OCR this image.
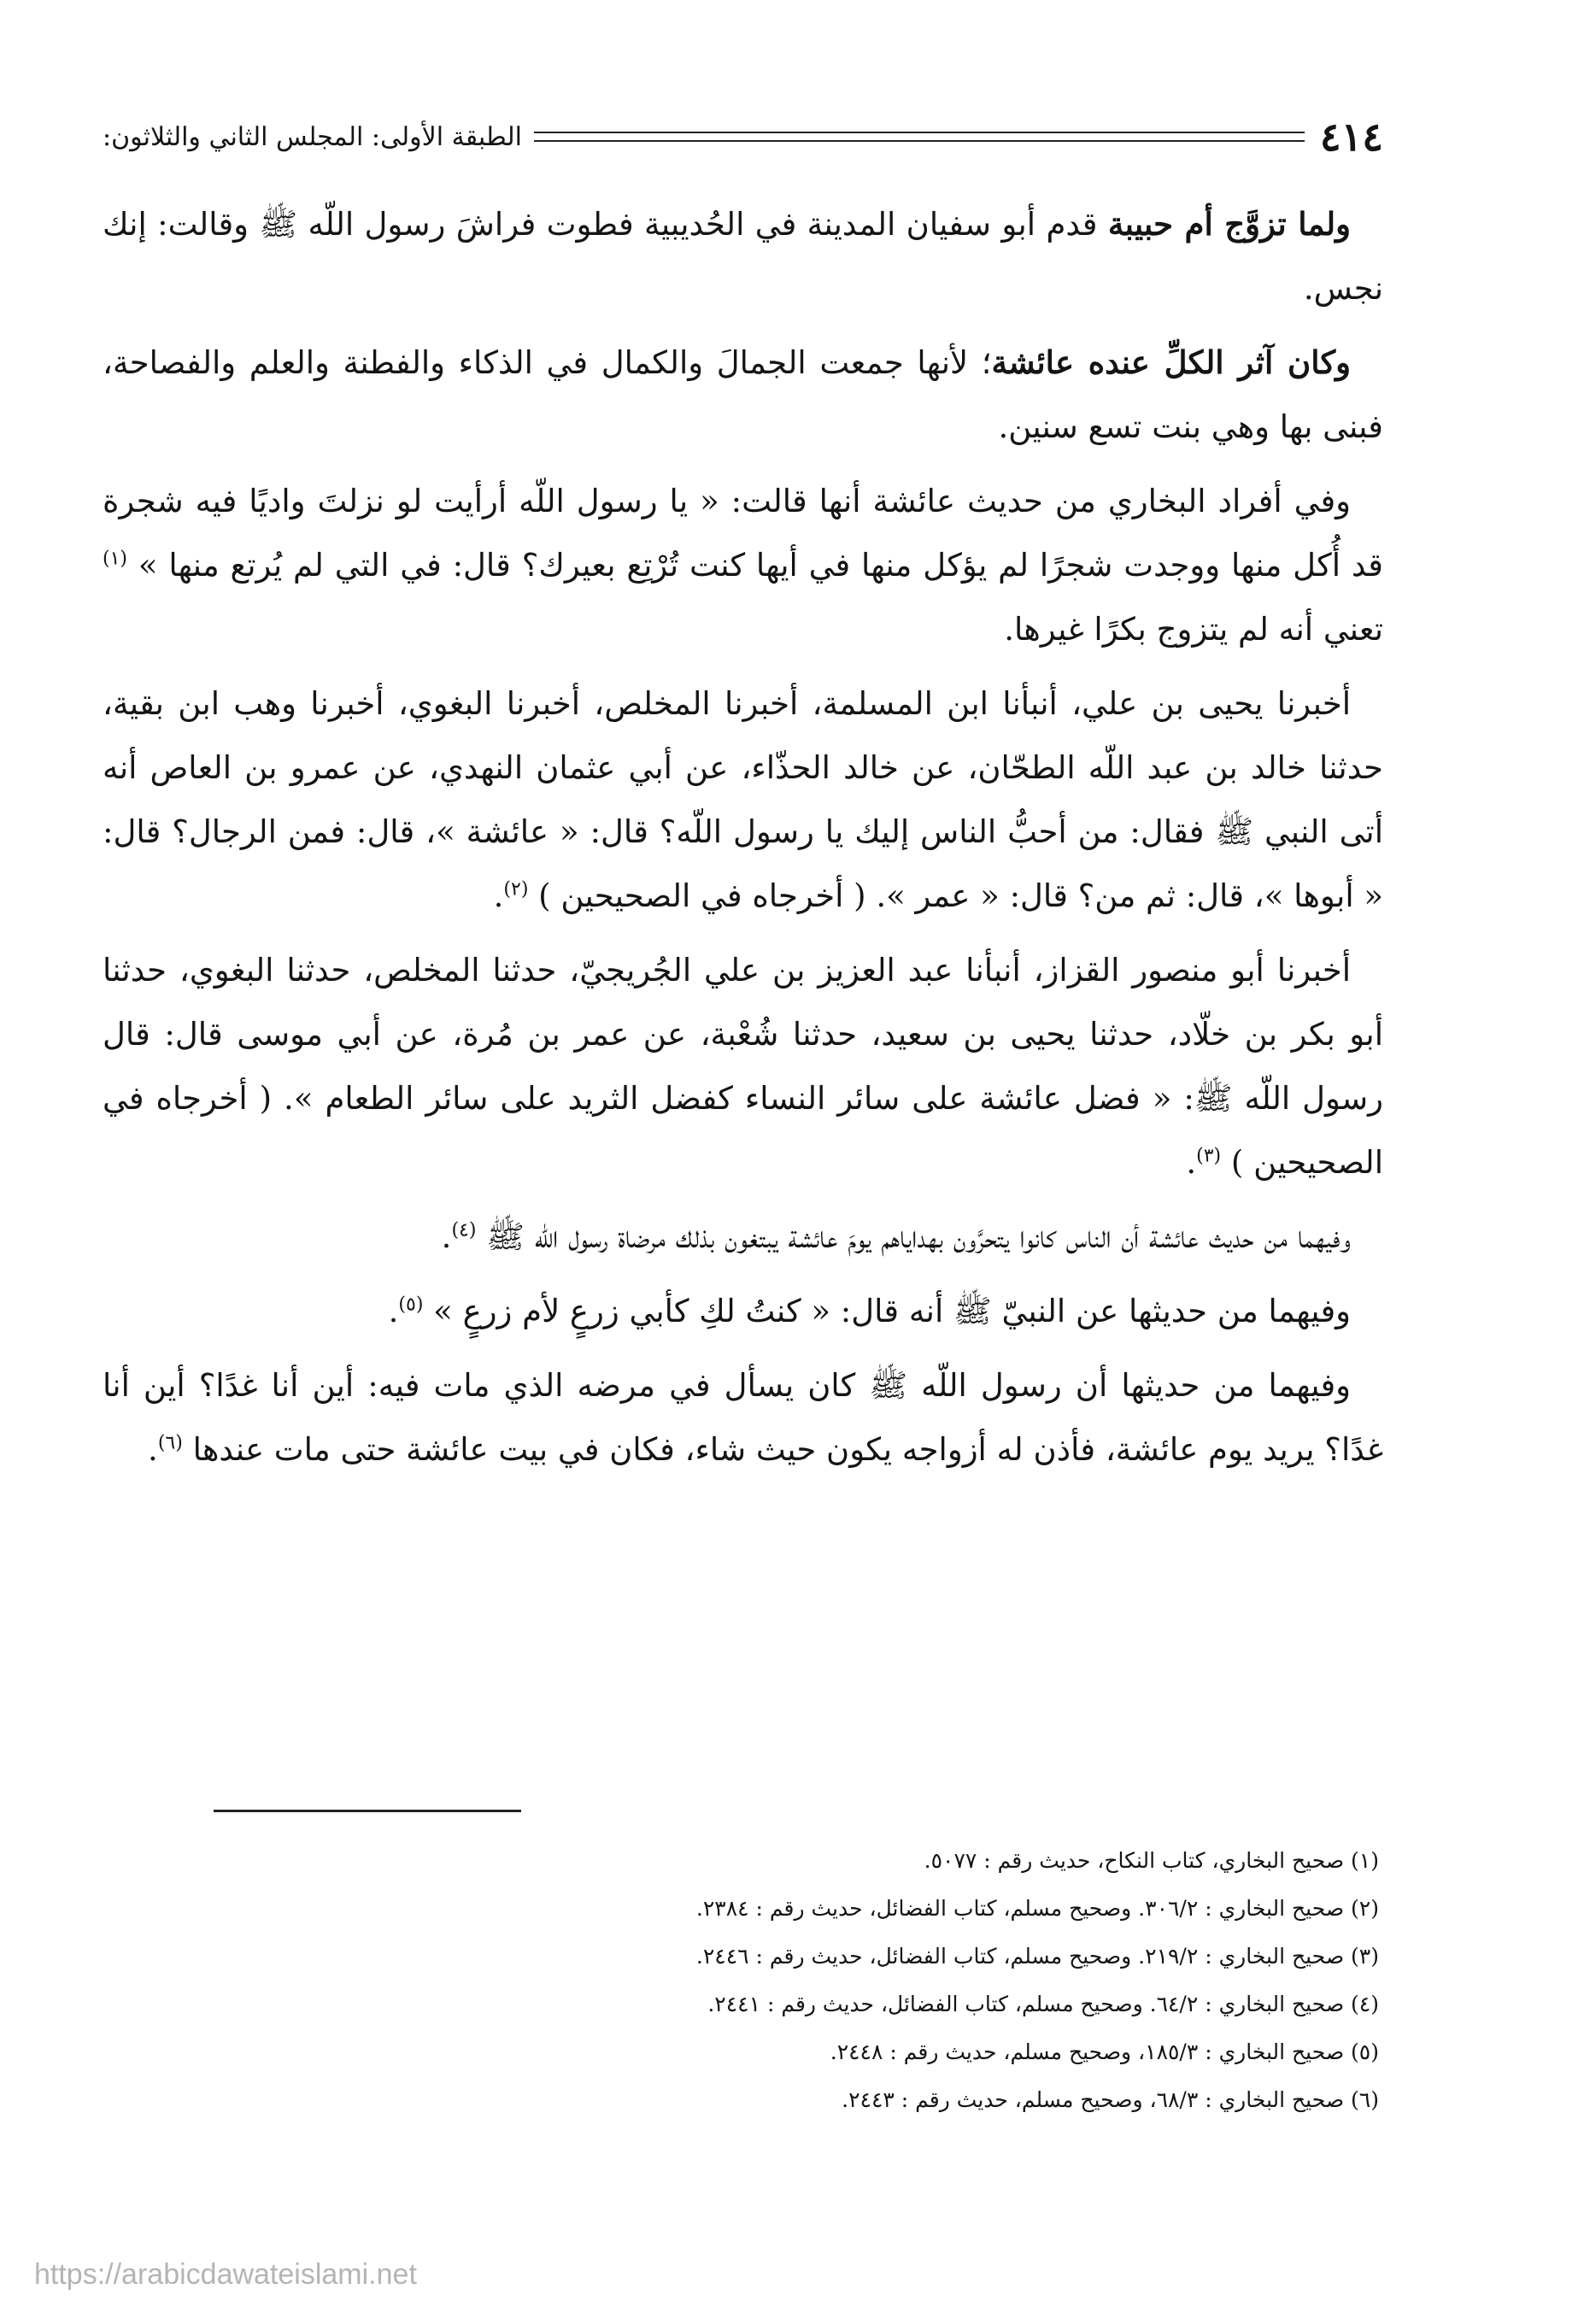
٤١٤
الطبقة الأولى: المجلس الثاني والثلاثون:

ولما تزوَّج أم حبيبة قدم أبو سفيان المدينة في الحُديبية فطوت فراشَ رسول اللّه ﷺ وقالت: إنك نجس.

وكان آثر الكلِّ عنده عائشة؛ لأنها جمعت الجمالَ والكمال في الذكاء والفطنة والعلم والفصاحة، فبنى بها وهي بنت تسع سنين.

وفي أفراد البخاري من حديث عائشة أنها قالت: « يا رسول اللّه أرأيت لو نزلتَ واديًا فيه شجرة قد أُكل منها ووجدت شجرًا لم يؤكل منها في أيها كنت تُرْتِع بعيرك؟ قال: في التي لم يُرتع منها » $^{(١)}$ تعني أنه لم يتزوج بكرًا غيرها.

أخبرنا يحيى بن علي، أنبأنا ابن المسلمة، أخبرنا المخلص، أخبرنا البغوي، أخبرنا وهب ابن بقية، حدثنا خالد بن عبد اللّه الطحّان، عن خالد الحذّاء، عن أبي عثمان النهدي، عن عمرو بن العاص أنه أتى النبي ﷺ فقال: من أحبُّ الناس إليك يا رسول اللّه؟ قال: « عائشة »، قال: فمن الرجال؟ قال: « أبوها »، قال: ثم من؟ قال: « عمر ». ( أخرجاه في الصحيحين ) $^{(٢)}$.

أخبرنا أبو منصور القزاز، أنبأنا عبد العزيز بن علي الجُريجيّ، حدثنا المخلص، حدثنا البغوي، حدثنا أبو بكر بن خلّاد، حدثنا يحيى بن سعيد، حدثنا شُعْبة، عن عمر بن مُرة، عن أبي موسى قال: قال رسول اللّه ﷺ: « فضل عائشة على سائر النساء كفضل الثريد على سائر الطعام ». ( أخرجاه في الصحيحين ) $^{(٣)}$.

وفيهما من حديث عائشة أن الناس كانوا يتحرَّون بهداياهم يومَ عائشة يبتغون بذلك مرضاة رسول اللّه ﷺ $^{(٤)}$.

وفيهما من حديثها عن النبيّ ﷺ أنه قال: « كنتُ لكِ كأبي زرعٍ لأم زرعٍ » $^{(٥)}$.

وفيهما من حديثها أن رسول اللّه ﷺ كان يسأل في مرضه الذي مات فيه: أين أنا غدًا؟ أين أنا غدًا؟ يريد يوم عائشة، فأذن له أزواجه يكون حيث شاء، فكان في بيت عائشة حتى مات عندها $^{(٦)}$.

(١) صحيح البخاري، كتاب النكاح، حديث رقم : ٥٠٧٧.

(٢) صحيح البخاري : ٣٠٦/٢. وصحيح مسلم، كتاب الفضائل، حديث رقم : ٢٣٨٤.

(٣) صحيح البخاري : ٢١٩/٢. وصحيح مسلم، كتاب الفضائل، حديث رقم : ٢٤٤٦.

(٤) صحيح البخاري : ٦٤/٢. وصحيح مسلم، كتاب الفضائل، حديث رقم : ٢٤٤١.

(٥) صحيح البخاري : ١٨٥/٣، وصحيح مسلم، حديث رقم : ٢٤٤٨.

(٦) صحيح البخاري : ٦٨/٣، وصحيح مسلم، حديث رقم : ٢٤٤٣.

https://arabicdawateislami.net
